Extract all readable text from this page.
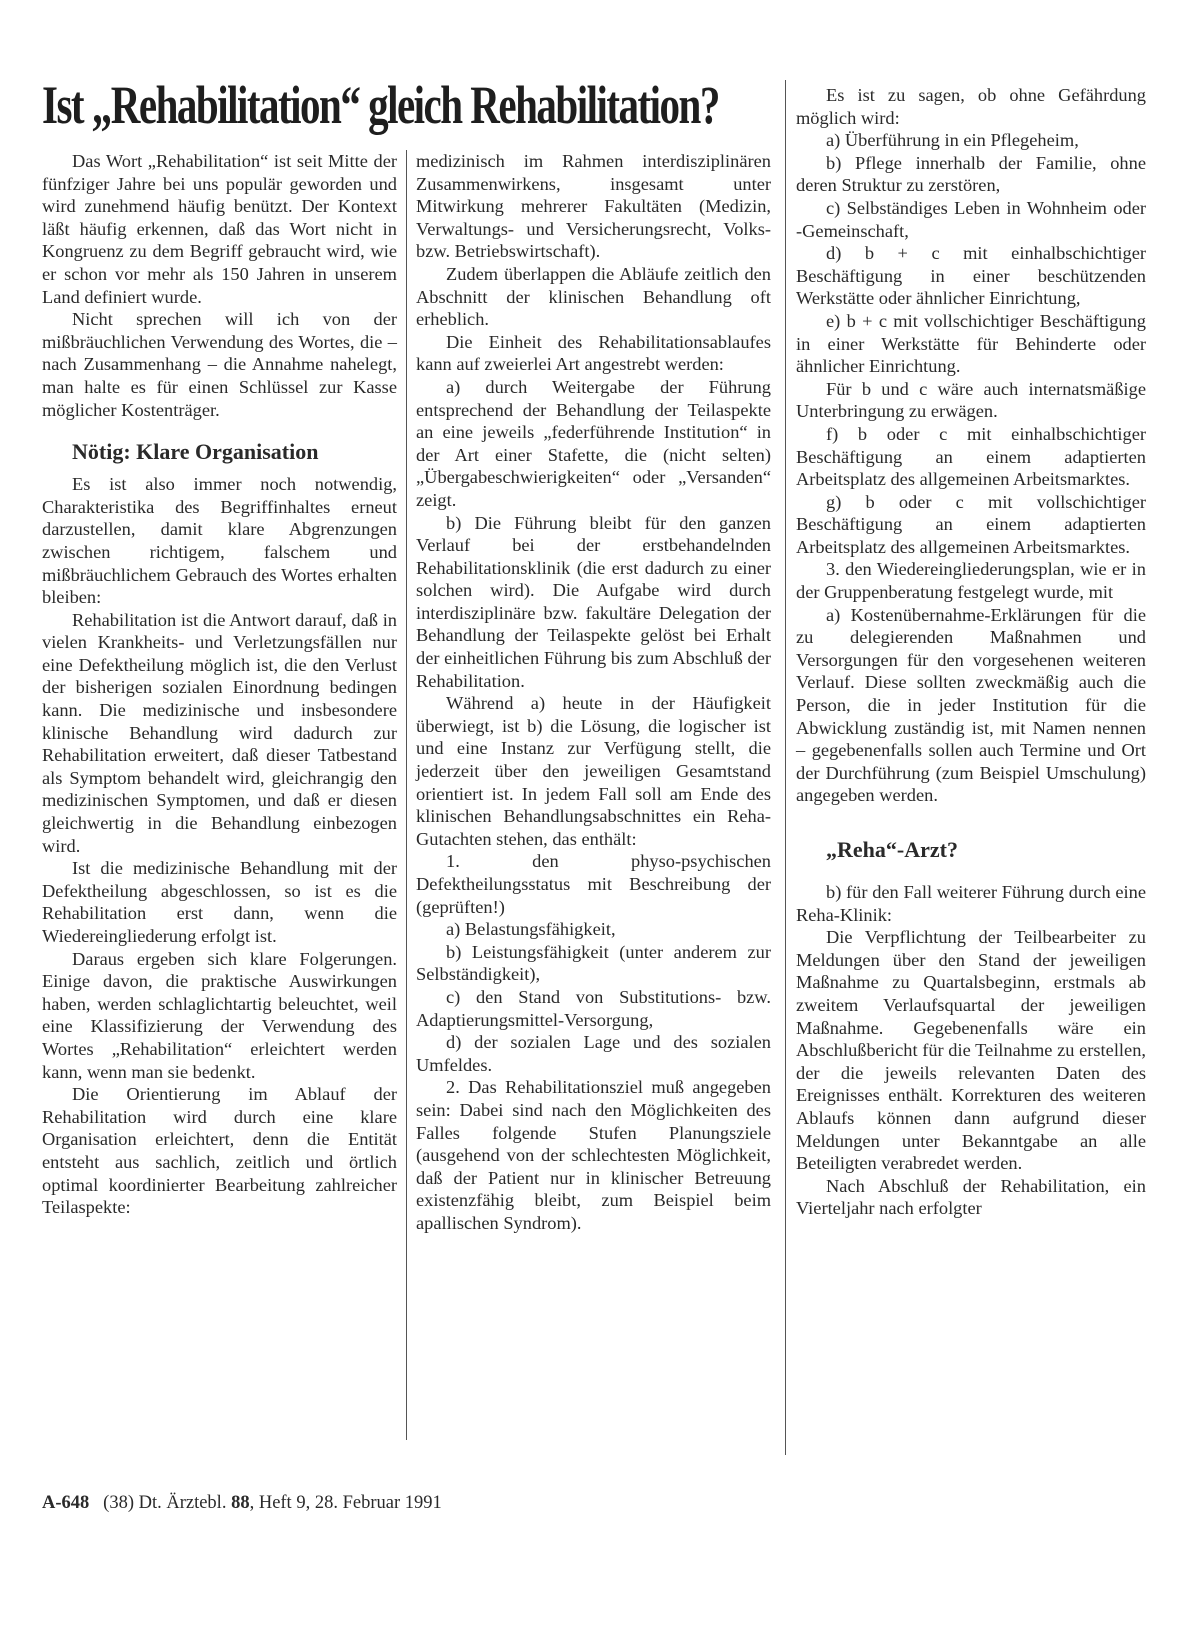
Ist „Rehabilitation“ gleich Rehabilitation?

Das Wort „Rehabilitation“ ist seit Mitte der fünfziger Jahre bei uns populär geworden und wird zunehmend häufig benützt. Der Kontext läßt häufig erkennen, daß das Wort nicht in Kongruenz zu dem Begriff gebraucht wird, wie er schon vor mehr als 150 Jahren in unserem Land definiert wurde.

Nicht sprechen will ich von der mißbräuchlichen Verwendung des Wortes, die – nach Zusammenhang – die Annahme nahelegt, man halte es für einen Schlüssel zur Kasse möglicher Kostenträger.

Nötig: Klare Organisation

Es ist also immer noch notwendig, Charakteristika des Begriffinhaltes erneut darzustellen, damit klare Abgrenzungen zwischen richtigem, falschem und mißbräuchlichem Gebrauch des Wortes erhalten bleiben:

Rehabilitation ist die Antwort darauf, daß in vielen Krankheits- und Verletzungsfällen nur eine Defektheilung möglich ist, die den Verlust der bisherigen sozialen Einordnung bedingen kann. Die medizinische und insbesondere klinische Behandlung wird dadurch zur Rehabilitation erweitert, daß dieser Tatbestand als Symptom behandelt wird, gleichrangig den medizinischen Symptomen, und daß er diesen gleichwertig in die Behandlung einbezogen wird.

Ist die medizinische Behandlung mit der Defektheilung abgeschlossen, so ist es die Rehabilitation erst dann, wenn die Wiedereingliederung erfolgt ist.

Daraus ergeben sich klare Folgerungen. Einige davon, die praktische Auswirkungen haben, werden schlaglichtartig beleuchtet, weil eine Klassifizierung der Verwendung des Wortes „Rehabilitation“ erleichtert werden kann, wenn man sie bedenkt.

Die Orientierung im Ablauf der Rehabilitation wird durch eine klare Organisation erleichtert, denn die Entität entsteht aus sachlich, zeitlich und örtlich optimal koordinierter Bearbeitung zahlreicher Teilaspekte:

medizinisch im Rahmen interdisziplinären Zusammenwirkens, insgesamt unter Mitwirkung mehrerer Fakultäten (Medizin, Verwaltungs- und Versicherungsrecht, Volks- bzw. Betriebswirtschaft).

Zudem überlappen die Abläufe zeitlich den Abschnitt der klinischen Behandlung oft erheblich.

Die Einheit des Rehabilitationsablaufes kann auf zweierlei Art angestrebt werden:

a) durch Weitergabe der Führung entsprechend der Behandlung der Teilaspekte an eine jeweils „federführende Institution“ in der Art einer Stafette, die (nicht selten) „Übergabeschwierigkeiten“ oder „Versanden“ zeigt.

b) Die Führung bleibt für den ganzen Verlauf bei der erstbehandelnden Rehabilitationsklinik (die erst dadurch zu einer solchen wird). Die Aufgabe wird durch interdisziplinäre bzw. fakultäre Delegation der Behandlung der Teilaspekte gelöst bei Erhalt der einheitlichen Führung bis zum Abschluß der Rehabilitation.

Während a) heute in der Häufigkeit überwiegt, ist b) die Lösung, die logischer ist und eine Instanz zur Verfügung stellt, die jederzeit über den jeweiligen Gesamtstand orientiert ist. In jedem Fall soll am Ende des klinischen Behandlungsabschnittes ein Reha-Gutachten stehen, das enthält:

1. den physo-psychischen Defektheilungsstatus mit Beschreibung der (geprüften!)

a) Belastungsfähigkeit,

b) Leistungsfähigkeit (unter anderem zur Selbständigkeit),

c) den Stand von Substitutions- bzw. Adaptierungsmittel-Versorgung,

d) der sozialen Lage und des sozialen Umfeldes.

2. Das Rehabilitationsziel muß angegeben sein: Dabei sind nach den Möglichkeiten des Falles folgende Stufen Planungsziele (ausgehend von der schlechtesten Möglichkeit, daß der Patient nur in klinischer Betreuung existenzfähig bleibt, zum Beispiel beim apallischen Syndrom).

Es ist zu sagen, ob ohne Gefährdung möglich wird:

a) Überführung in ein Pflegeheim,

b) Pflege innerhalb der Familie, ohne deren Struktur zu zerstören,

c) Selbständiges Leben in Wohnheim oder -Gemeinschaft,

d) b + c mit einhalbschichtiger Beschäftigung in einer beschützenden Werkstätte oder ähnlicher Einrichtung,

e) b + c mit vollschichtiger Beschäftigung in einer Werkstätte für Behinderte oder ähnlicher Einrichtung.

Für b und c wäre auch internatsmäßige Unterbringung zu erwägen.

f) b oder c mit einhalbschichtiger Beschäftigung an einem adaptierten Arbeitsplatz des allgemeinen Arbeitsmarktes.

g) b oder c mit vollschichtiger Beschäftigung an einem adaptierten Arbeitsplatz des allgemeinen Arbeitsmarktes.

3. den Wiedereingliederungsplan, wie er in der Gruppenberatung festgelegt wurde, mit

a) Kostenübernahme-Erklärungen für die zu delegierenden Maßnahmen und Versorgungen für den vorgesehenen weiteren Verlauf. Diese sollten zweckmäßig auch die Person, die in jeder Institution für die Abwicklung zuständig ist, mit Namen nennen – gegebenenfalls sollen auch Termine und Ort der Durchführung (zum Beispiel Umschulung) angegeben werden.

„Reha“-Arzt?

b) für den Fall weiterer Führung durch eine Reha-Klinik:

Die Verpflichtung der Teilbearbeiter zu Meldungen über den Stand der jeweiligen Maßnahme zu Quartalsbeginn, erstmals ab zweitem Verlaufsquartal der jeweiligen Maßnahme. Gegebenenfalls wäre ein Abschlußbericht für die Teilnahme zu erstellen, der die jeweils relevanten Daten des Ereignisses enthält. Korrekturen des weiteren Ablaufs können dann aufgrund dieser Meldungen unter Bekanntgabe an alle Beteiligten verabredet werden.

Nach Abschluß der Rehabilitation, ein Vierteljahr nach erfolgter

A-648 (38) Dt. Ärztebl. 88, Heft 9, 28. Februar 1991
